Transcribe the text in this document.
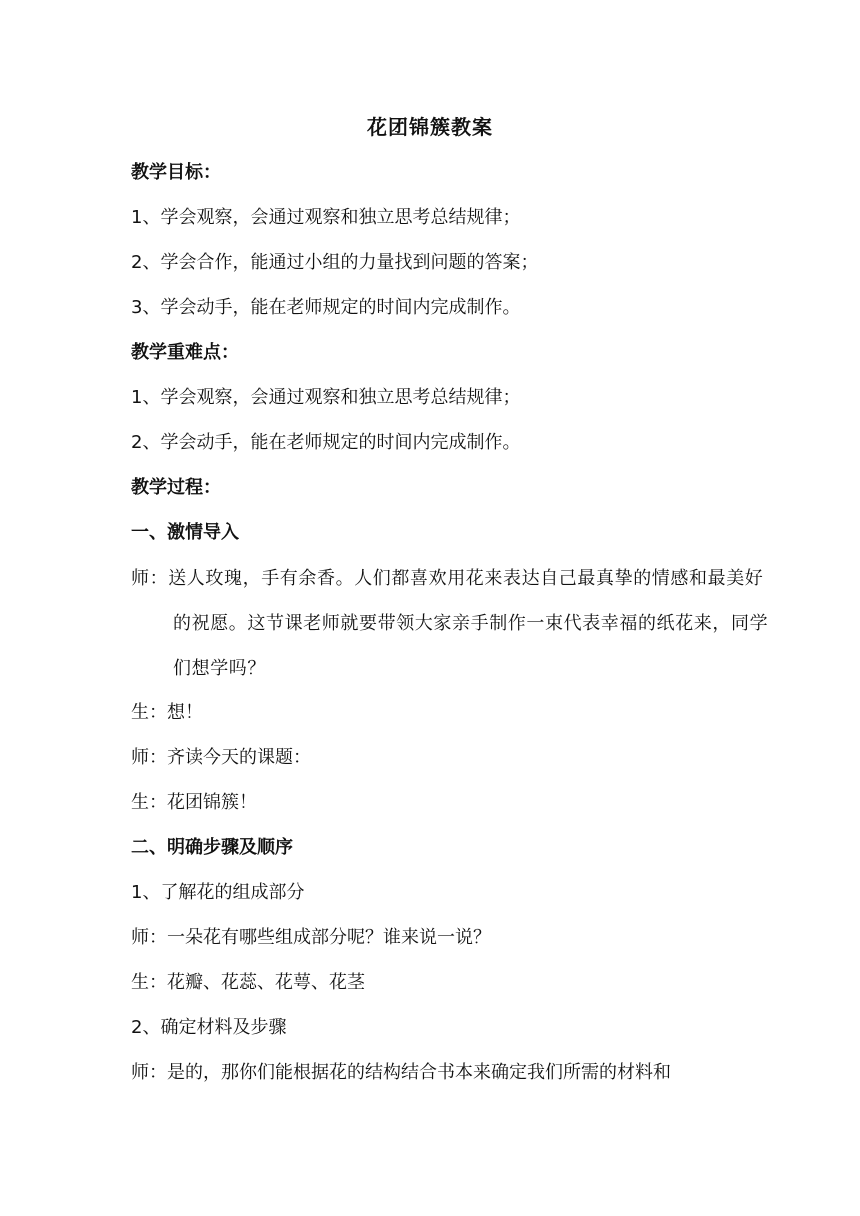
花团锦簇教案
教学目标：
1、学会观察，会通过观察和独立思考总结规律；
2、学会合作，能通过小组的力量找到问题的答案；
3、学会动手，能在老师规定的时间内完成制作。
教学重难点：
1、学会观察，会通过观察和独立思考总结规律；
2、学会动手，能在老师规定的时间内完成制作。
教学过程：
一、激情导入
师：送人玫瑰，手有余香。人们都喜欢用花来表达自己最真挚的情感和最美好的祝愿。这节课老师就要带领大家亲手制作一束代表幸福的纸花来，同学们想学吗？
生：想！
师：齐读今天的课题：
生：花团锦簇！
二、明确步骤及顺序
1、了解花的组成部分
师：一朵花有哪些组成部分呢？谁来说一说？
生：花瓣、花蕊、花萼、花茎
2、确定材料及步骤
师：是的，那你们能根据花的结构结合书本来确定我们所需的材料和
